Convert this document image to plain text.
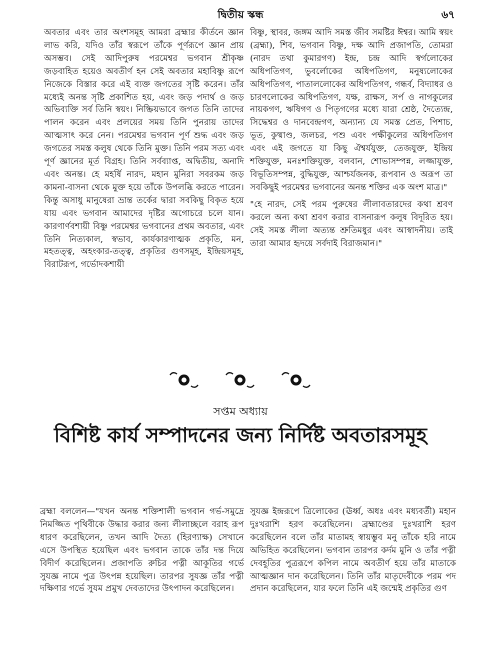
দ্বিতীয় স্কন্ধ	৬৭

অবতার এবং তার অংশসমূহ আমরা ব্রহ্মার কীর্তনে জ্ঞান লাভ করি, যদিও তাঁর স্বরূপে তাঁকে পূর্ণরূপে জ্ঞান প্রায় অসম্ভব। সেই আদিপুরুষ পরমেশ্বর ভগবান শ্রীকৃষ্ণ জড়বাহিত হয়েও অবতীর্ণ হন সেই অবতার মহাবিষ্ণু রূপে নিজেকে বিস্তার করে এই ব্যক্ত জগতের সৃষ্টি করেন। তাঁর মধ্যেই অনন্ত সৃষ্টি প্রকাশিত হয়, এবং জড় পদার্থ ও জড় অভিব্যক্তি সর্ব তিনি স্বয়ং। নিষ্ক্রিয়ভাবে জগত তিনি তাদের পালন করেন এবং প্রলয়ের সময় তিনি পুনরায় তাদের আত্মসাৎ করে নেন। পরমেশ্বর ভগবান পূর্ণ শুদ্ধ এবং জড় জগতের সমস্ত কলুষ থেকে তিনি মুক্ত। তিনি পরম সত্য এবং পূর্ণ জ্ঞানের মূর্ত বিগ্রহ। তিনি সর্বব্যাপ্ত, অদ্বিতীয়, অনাদি এবং অনন্ত। হে মহর্ষি নারদ, মহান মুনিরা সবরকম জড় কামনা-বাসনা থেকে মুক্ত হয়ে তাঁকে উপলব্ধি করতে পারেন। কিন্তু অসাধু মানুষেরা ভ্রান্ত তর্কের দ্বারা সবকিছু বিকৃত হয়ে যায় এবং ভগবান আমাদের দৃষ্টির অগোচরে চলে যান। কারণার্ণবশায়ী বিষ্ণু পরমেশ্বর ভগবানের প্রথম অবতার, এবং তিনি নিত্যকাল, স্বভাব, কার্যকারণাত্মক প্রকৃতি, মন, মহতত্ত্ব, অহংকার-তত্ত্ব, প্রকৃতির গুণসমূহ, ইন্দ্রিয়সমূহ, বিরাটরূপ, গর্ভোদকশায়ী

বিষ্ণু, স্থাবর, জঙ্গম আদি সমস্ত জীব সমষ্টির ঈশ্বর। আমি স্বয়ং (ব্রহ্মা), শিব, ভগবান বিষ্ণু, দক্ষ আদি প্রজাপতি, তোমরা (নারদ তথা কুমারগণ) ইন্দ্র, চন্দ্র আদি স্বর্গলোকের অধিপতিগণ, ভুবর্লোকের অধিপতিগণ, মনুষ্যলোকের অধিপতিগণ, পাতাললোকের অধিপতিগণ, গন্ধর্ব, বিদ্যাধর ও চারণলোকের অধিপতিগণ, যক্ষ, রাক্ষস, সর্প ও নাগকুলের নায়কগণ, ঋষিগণ ও পিতৃগণের মধ্যে যারা শ্রেষ্ঠ, দৈত্যেন্দ্র, সিদ্ধেশ্বর ও দানবেন্দ্রগণ, অন্যান্য যে সমস্ত প্রেত, পিশাচ, ভূত, কুষ্মাণ্ড, জলচর, পশু এবং পক্ষীকুলের অধিপতিগণ এবং এই জগতে যা কিছু ঐশ্বর্যযুক্ত, তেজযুক্ত, ইন্দ্রিয় শক্তিযুক্ত, মনঃশক্তিযুক্ত, বলবান, শোভাসম্পন্ন, লজ্জাযুক্ত, বিভূতিসম্পন্ন, বুদ্ধিযুক্ত, আশ্চর্যজনক, রূপবান ও অরূপ তা সবকিছুই পরমেশ্বর ভগবানের অনন্ত শক্তির এক অংশ মাত্র।"

"হে নারদ, সেই পরম পুরুষের লীলাবতারদের কথা শ্রবণ করলে অন্য কথা শ্রবণ করার বাসনারূপ কলুষ বিদূরিত হয়। সেই সমস্ত লীলা অত্যন্ত শ্রুতিমধুর এবং আস্বাদনীয়। তাই তারা আমার হৃদয়ে সর্বদাই বিরাজমান।"

সপ্তম অধ্যায়
বিশিষ্ট কার্য সম্পাদনের জন্য নির্দিষ্ট অবতারসমূহ

ব্রহ্মা বললেন—"যখন অনন্ত শক্তিশালী ভগবান গর্ভ-সমুদ্রে নিমজ্জিত পৃথিবীকে উদ্ধার করার জন্য লীলাচ্ছলে বরাহ রূপ ধারণ করেছিলেন, তখন আদি দৈত্য (হিরণ্যাক্ষ) সেখানে এসে উপস্থিত হয়েছিল এবং ভগবান তাকে তাঁর দন্ত দিয়ে বিদীর্ণ করেছিলেন। প্রজাপতি রুচির পত্নী আকূতির গর্ভে সুযজ্ঞ নামে পুত্র উৎপন্ন হয়েছিল। তারপর সুযজ্ঞ তাঁর পত্নী দক্ষিণার গর্ভে সুযম প্রমুখ দেবতাদের উৎপাদন করেছিলেন।

সুযজ্ঞ ইন্দ্ররূপে ত্রিলোকের (ঊর্ধ্ব, অধঃ এবং মধ্যবর্তী) মহান দুঃখরাশি হরণ করেছিলেন। ব্রহ্মাণ্ডের দুঃখরাশি হরণ করেছিলেন বলে তাঁর মাতামহ স্বায়ম্ভুব মনু তাঁকে হরি নামে অভিহিত করেছিলেন। ভগবান তারপর কর্দম মুনি ও তাঁর পত্নী দেবহূতির পুত্ররূপে কপিল নামে অবতীর্ণ হয়ে তাঁর মাতাকে আত্মজ্ঞান দান করেছিলেন। তিনি তাঁর মাতৃদেবীকে পরম পদ প্রদান করেছিলেন, যার ফলে তিনি এই জন্মেই প্রকৃতির গুণ
